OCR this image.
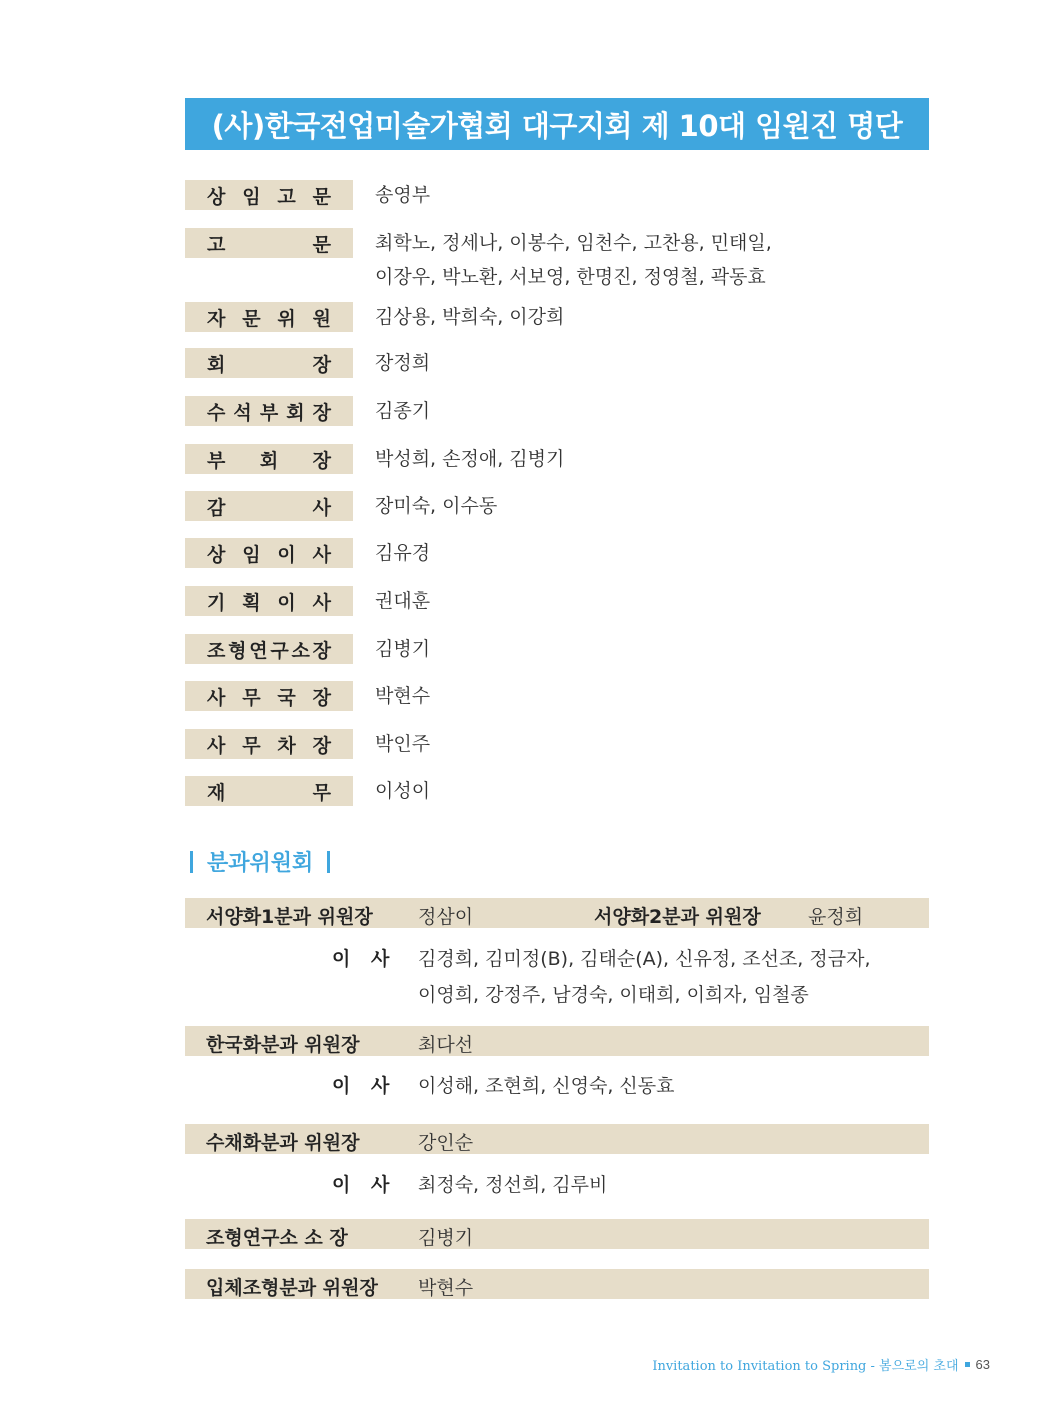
(사)한국전업미술가협회 대구지회 제 10대 임원진 명단
상 임 고 문 송영부
고	문 최학노, 정세나, 이봉수, 임천수, 고찬용, 민태일,
이장우, 박노환, 서보영, 한명진, 정영철, 곽동효
자 문 위 원 김상용, 박희숙, 이강희
회	장 장정희
수 석 부 회 장 김종기
부 회 장 박성희, 손정애, 김병기
감	사 장미숙, 이수동
상 임 이 사 김유경
기 획 이 사 권대훈
조 형 연 구 소 장 김병기
사 무 국 장 박현수
사 무 차 장 박인주
재	무 이성이
분과위원회
서양화1분과 위원장 정삼이	서양화2분과 위원장 윤정희
이 사 김경희, 김미정(B), 김태순(A), 신유정, 조선조, 정금자,
이영희, 강정주, 남경숙, 이태희, 이희자, 임철종
한국화분과 위원장	최다선
이 사 이성해, 조현희, 신영숙, 신동효
수채화분과 위원장	강인순
이 사 최정숙, 정선희, 김루비
조형연구소 소 장	김병기
입체조형분과 위원장 박현수
Invitation to Invitation to Spring - 봄으로의 초대 63
